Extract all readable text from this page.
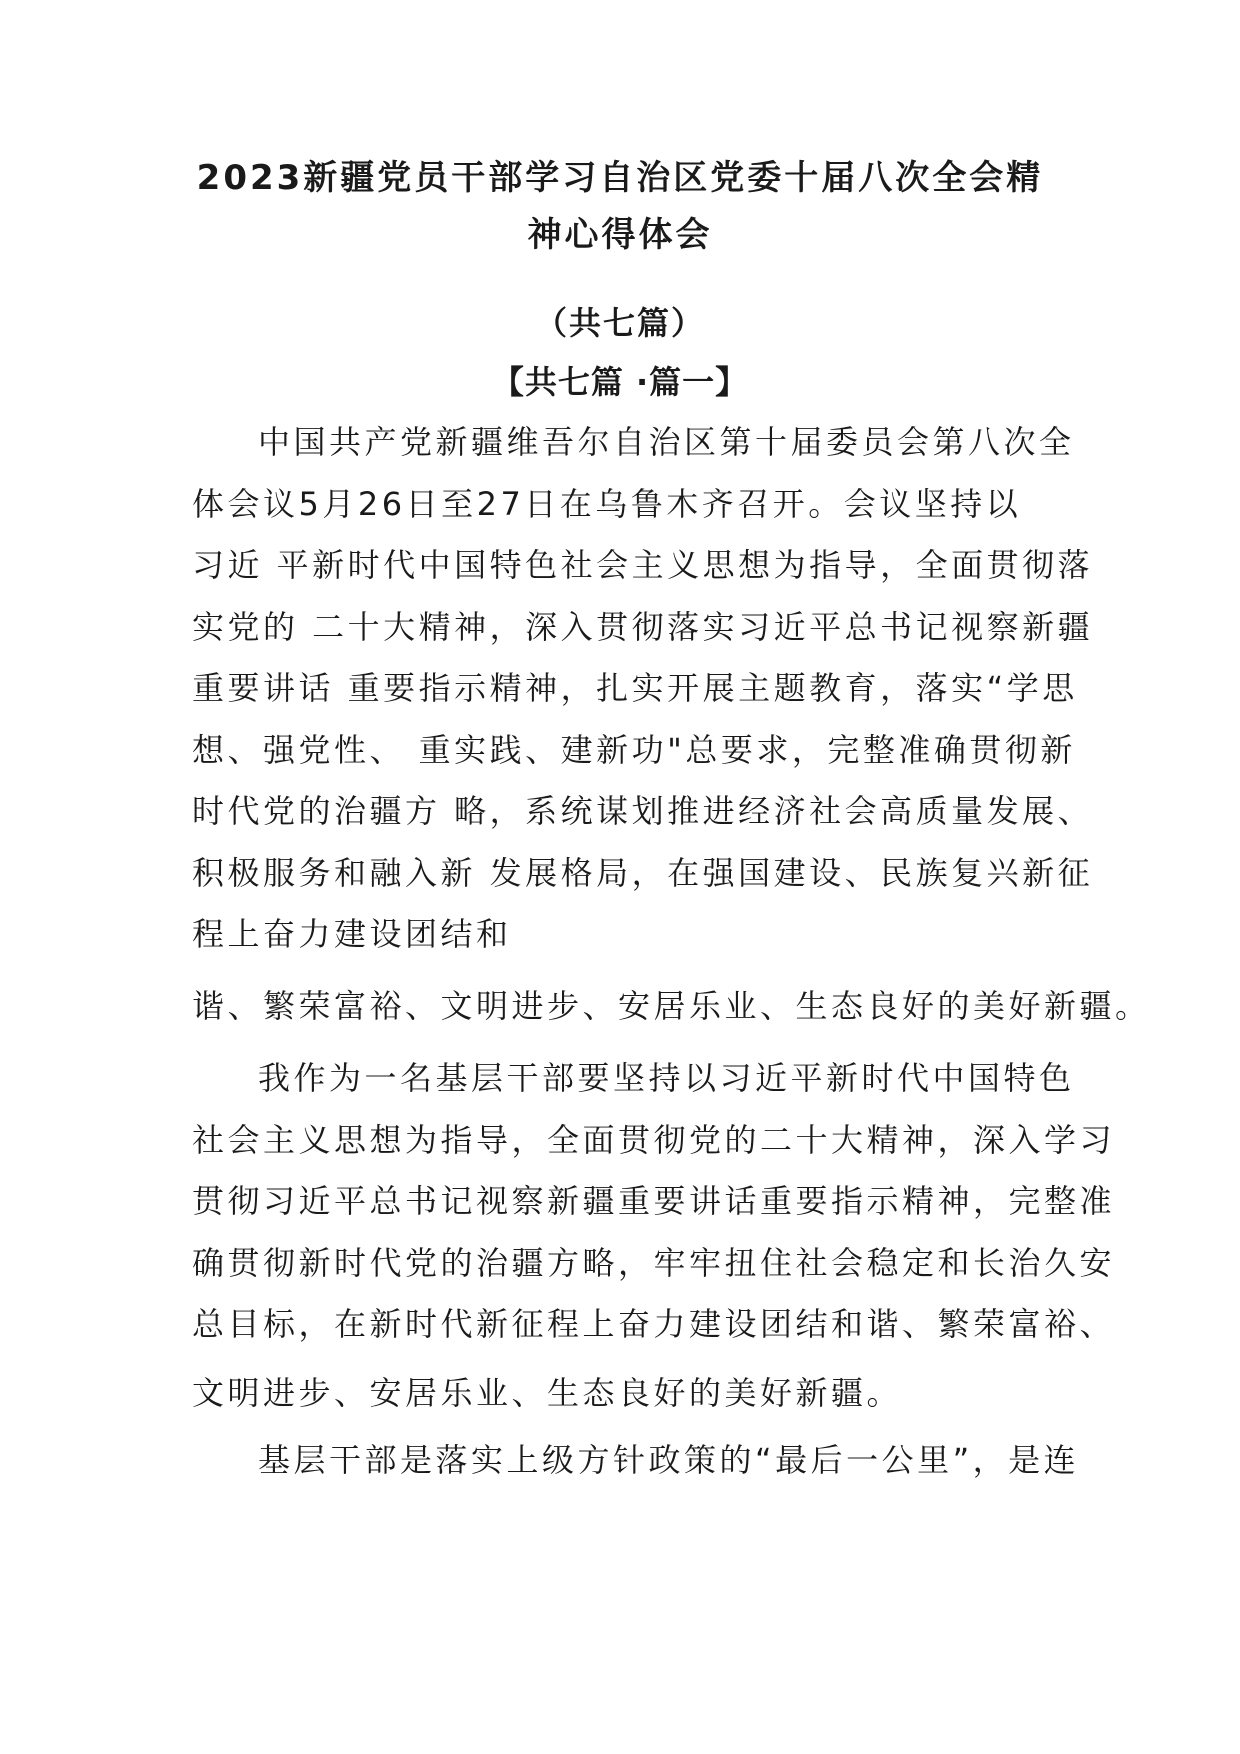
2023新疆党员干部学习自治区党委十届八次全会精
神心得体会
（共七篇）
【共七篇 ·篇一】
中国共产党新疆维吾尔自治区第十届委员会第八次全
体会议5月26日至27日在乌鲁木齐召开。会议坚持以
习近 平新时代中国特色社会主义思想为指导，全面贯彻落
实党的 二十大精神，深入贯彻落实习近平总书记视察新疆
重要讲话 重要指示精神，扎实开展主题教育，落实“学思
想、强党性、 重实践、建新功"总要求，完整准确贯彻新
时代党的治疆方 略，系统谋划推进经济社会高质量发展、
积极服务和融入新 发展格局，在强国建设、民族复兴新征
程上奋力建设团结和
谐、繁荣富裕、文明进步、安居乐业、生态良好的美好新疆。
我作为一名基层干部要坚持以习近平新时代中国特色
社会主义思想为指导，全面贯彻党的二十大精神，深入学习
贯彻习近平总书记视察新疆重要讲话重要指示精神，完整准
确贯彻新时代党的治疆方略，牢牢扭住社会稳定和长治久安
总目标，在新时代新征程上奋力建设团结和谐、繁荣富裕、
文明进步、安居乐业、生态良好的美好新疆。
基层干部是落实上级方针政策的“最后一公里”，是连
